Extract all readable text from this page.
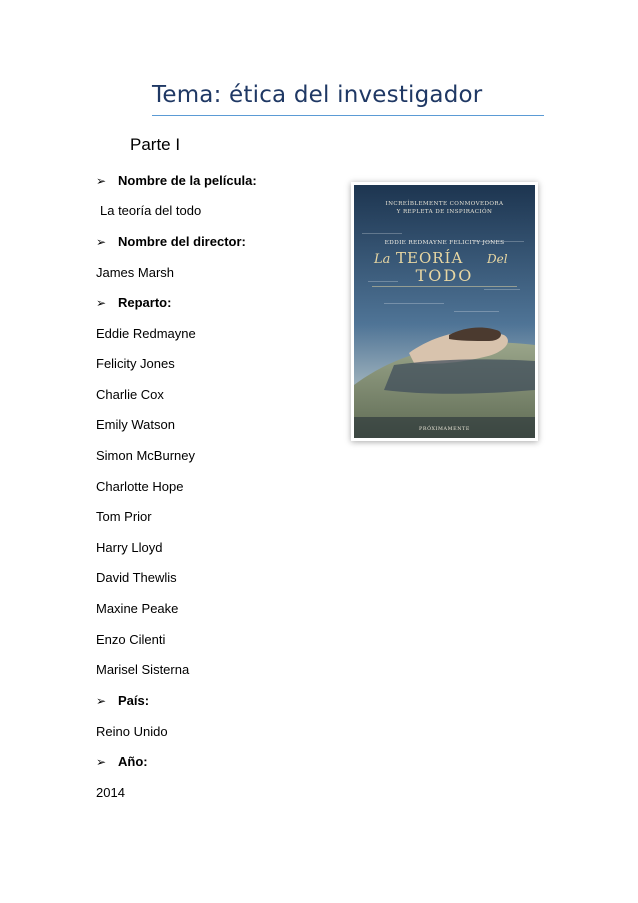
Tema: ética del investigador
Parte I
➢ Nombre de la película:
La teoría del todo
➢ Nombre del director:
James Marsh
➢ Reparto:
Eddie Redmayne
Felicity Jones
Charlie Cox
Emily Watson
Simon McBurney
Charlotte Hope
Tom Prior
Harry Lloyd
David Thewlis
Maxine Peake
Enzo Cilenti
Marisel Sisterna
➢ País:
Reino Unido
➢ Año:
2014
INCREÍBLEMENTE CONMOVEDORA
Y REPLETA DE INSPIRACIÓN
EDDIE REDMAYNE FELICITY JONES
La TEORÍA Del
TODO
PRÓXIMAMENTE
